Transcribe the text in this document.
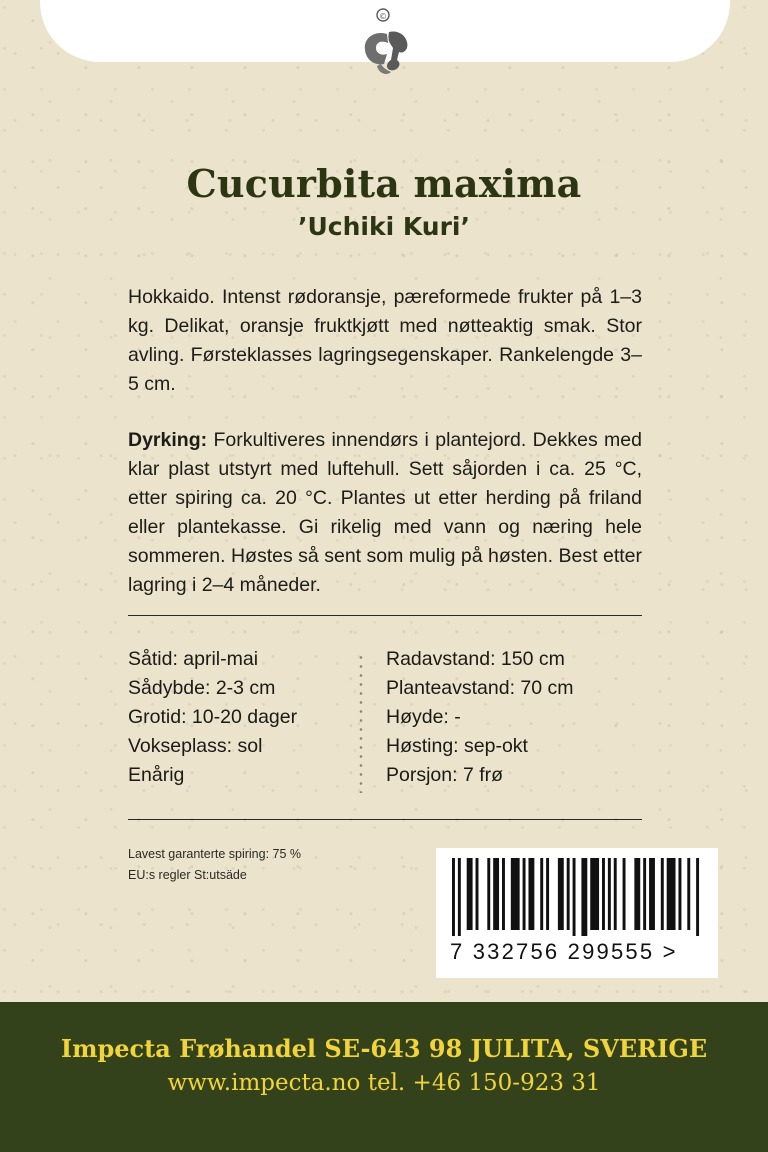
©
Cucurbita maxima
’Uchiki Kuri’

Hokkaido. Intenst rødoransje, pæreformede frukter på 1–3 kg. Delikat, oransje fruktkjøtt med nøtteaktig smak. Stor avling. Førsteklasses lagringsegenskaper. Rankelengde 3–5 cm.

Dyrking: Forkultiveres innendørs i plantejord. Dekkes med klar plast utstyrt med luftehull. Sett såjorden i ca. 25 °C, etter spiring ca. 20 °C. Plantes ut etter herding på friland eller plantekasse. Gi rikelig med vann og næring hele sommeren. Høstes så sent som mulig på høsten. Best etter lagring i 2–4 måneder.

Såtid: april-mai
Sådybde: 2-3 cm
Grotid: 10-20 dager
Vokseplass: sol
Enårig
Radavstand: 150 cm
Planteavstand: 70 cm
Høyde: -
Høsting: sep-okt
Porsjon: 7 frø
Lavest garanterte spiring: 75 %
EU:s regler St:utsäde
7 332756 299555 >
Impecta Frøhandel SE-643 98 JULITA, SVERIGE
www.impecta.no tel. +46 150-923 31
